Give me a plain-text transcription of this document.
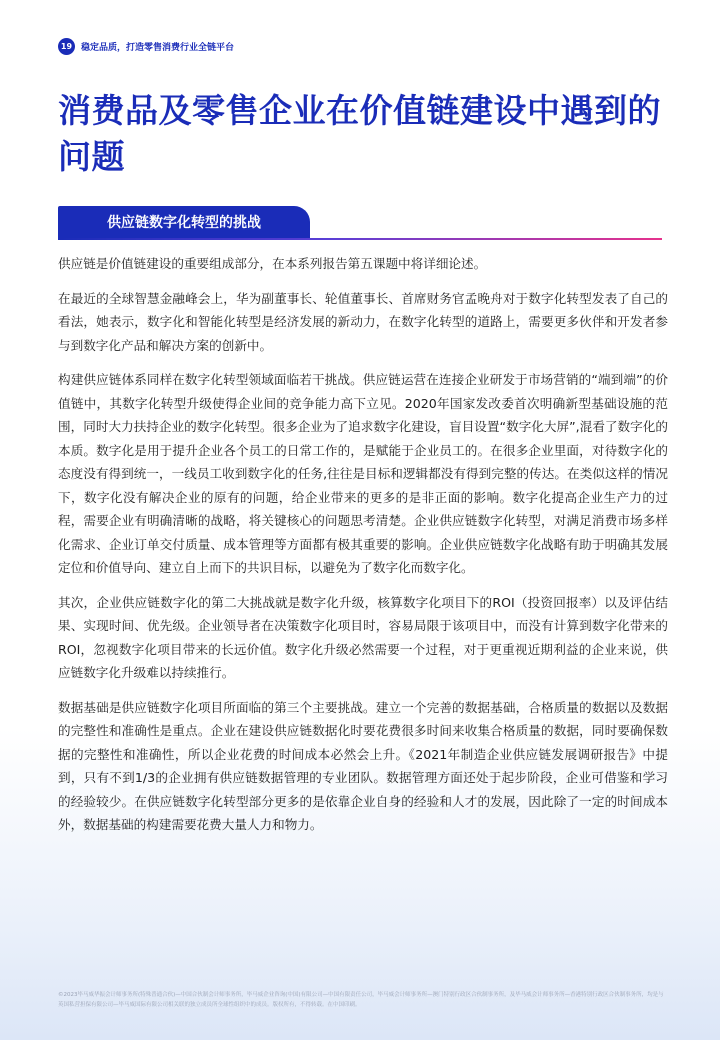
19 稳定品质，打造零售消费行业全链平台
消费品及零售企业在价值链建设中遇到的问题
供应链数字化转型的挑战

供应链是价值链建设的重要组成部分，在本系列报告第五课题中将详细论述。

在最近的全球智慧金融峰会上，华为副董事长、轮值董事长、首席财务官孟晚舟对于数字化转型发表了自己的看法，她表示，数字化和智能化转型是经济发展的新动力，在数字化转型的道路上，需要更多伙伴和开发者参与到数字化产品和解决方案的创新中。

构建供应链体系同样在数字化转型领域面临若干挑战。供应链运营在连接企业研发于市场营销的“端到端”的价值链中，其数字化转型升级使得企业间的竞争能力高下立见。2020年国家发改委首次明确新型基础设施的范围，同时大力扶持企业的数字化转型。很多企业为了追求数字化建设，盲目设置“数字化大屏”,混看了数字化的本质。数字化是用于提升企业各个员工的日常工作的，是赋能于企业员工的。在很多企业里面，对待数字化的态度没有得到统一，一线员工收到数字化的任务,往往是目标和逻辑都没有得到完整的传达。在类似这样的情况下，数字化没有解决企业的原有的问题，给企业带来的更多的是非正面的影响。数字化提高企业生产力的过程，需要企业有明确清晰的战略，将关键核心的问题思考清楚。企业供应链数字化转型，对满足消费市场多样化需求、企业订单交付质量、成本管理等方面都有极其重要的影响。企业供应链数字化战略有助于明确其发展定位和价值导向、建立自上而下的共识目标，以避免为了数字化而数字化。

其次，企业供应链数字化的第二大挑战就是数字化升级，核算数字化项目下的ROI（投资回报率）以及评估结果、实现时间、优先级。企业领导者在决策数字化项目时，容易局限于该项目中，而没有计算到数字化带来的ROI，忽视数字化项目带来的长远价值。数字化升级必然需要一个过程，对于更重视近期利益的企业来说，供应链数字化升级难以持续推行。

数据基础是供应链数字化项目所面临的第三个主要挑战。建立一个完善的数据基础，合格质量的数据以及数据的完整性和准确性是重点。企业在建设供应链数据化时要花费很多时间来收集合格质量的数据，同时要确保数据的完整性和准确性，所以企业花费的时间成本必然会上升。《2021年制造企业供应链发展调研报告》中提到，只有不到1/3的企业拥有供应链数据管理的专业团队。数据管理方面还处于起步阶段，企业可借鉴和学习的经验较少。在供应链数字化转型部分更多的是依靠企业自身的经验和人才的发展，因此除了一定的时间成本外，数据基础的构建需要花费大量人力和物力。

©2023毕马威华振会计师事务所(特殊普通合伙)—中国合伙制会计师事务所，毕马威企业咨询(中国)有限公司—中国有限责任公司，毕马威会计师事务所—澳门特别行政区合伙制事务所，及毕马威会计师事务所—香港特别行政区合伙制事务所，均是与英国私营担保有限公司—毕马威国际有限公司相关联的独立成员所全球性组织中的成员。版权所有，不得转载。在中国印刷。
